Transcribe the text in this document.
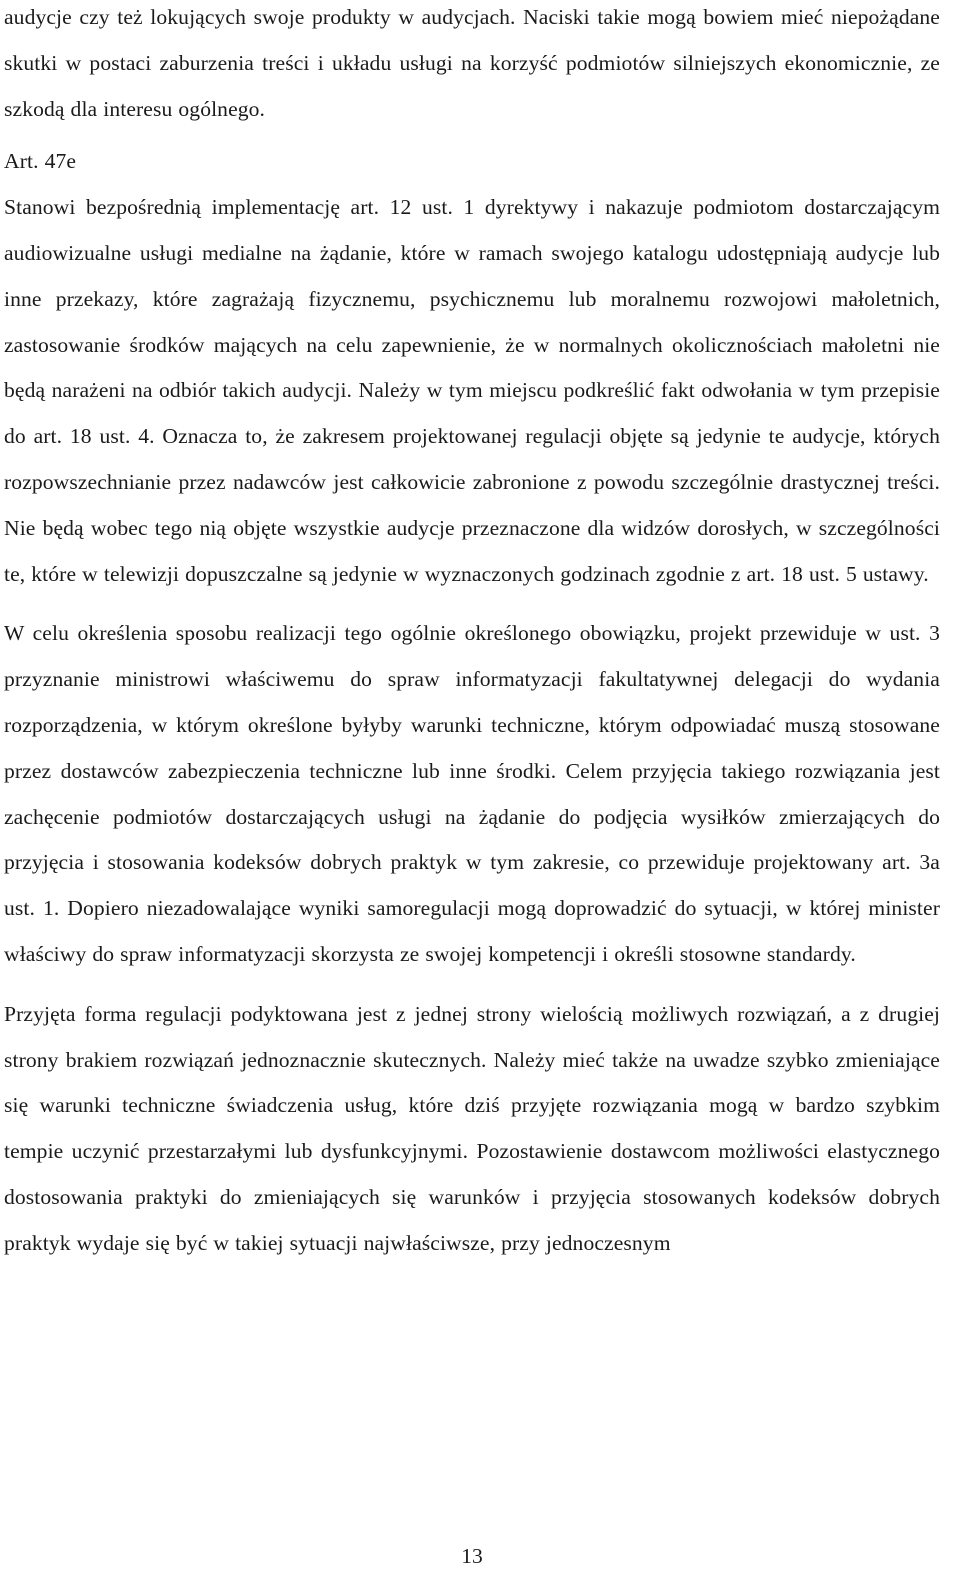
audycje czy też lokujących swoje produkty w audycjach. Naciski takie mogą bowiem mieć niepożądane skutki w postaci zaburzenia treści i układu usługi na korzyść podmiotów silniejszych ekonomicznie, ze szkodą dla interesu ogólnego.

Art. 47e

Stanowi bezpośrednią implementację art. 12 ust. 1 dyrektywy i nakazuje podmiotom dostarczającym audiowizualne usługi medialne na żądanie, które w ramach swojego katalogu udostępniają audycje lub inne przekazy, które zagrażają fizycznemu, psychicznemu lub moralnemu rozwojowi małoletnich, zastosowanie środków mających na celu zapewnienie, że w normalnych okolicznościach małoletni nie będą narażeni na odbiór takich audycji. Należy w tym miejscu podkreślić fakt odwołania w tym przepisie do art. 18 ust. 4. Oznacza to, że zakresem projektowanej regulacji objęte są jedynie te audycje, których rozpowszechnianie przez nadawców jest całkowicie zabronione z powodu szczególnie drastycznej treści. Nie będą wobec tego nią objęte wszystkie audycje przeznaczone dla widzów dorosłych, w szczególności te, które w telewizji dopuszczalne są jedynie w wyznaczonych godzinach zgodnie z art. 18 ust. 5 ustawy.

W celu określenia sposobu realizacji tego ogólnie określonego obowiązku, projekt przewiduje w ust. 3 przyznanie ministrowi właściwemu do spraw informatyzacji fakultatywnej delegacji do wydania rozporządzenia, w którym określone byłyby warunki techniczne, którym odpowiadać muszą stosowane przez dostawców zabezpieczenia techniczne lub inne środki. Celem przyjęcia takiego rozwiązania jest zachęcenie podmiotów dostarczających usługi na żądanie do podjęcia wysiłków zmierzających do przyjęcia i stosowania kodeksów dobrych praktyk w tym zakresie, co przewiduje projektowany art. 3a ust. 1. Dopiero niezadowalające wyniki samoregulacji mogą doprowadzić do sytuacji, w której minister właściwy do spraw informatyzacji skorzysta ze swojej kompetencji i określi stosowne standardy.

Przyjęta forma regulacji podyktowana jest z jednej strony wielością możliwych rozwiązań, a z drugiej strony brakiem rozwiązań jednoznacznie skutecznych. Należy mieć także na uwadze szybko zmieniające się warunki techniczne świadczenia usług, które dziś przyjęte rozwiązania mogą w bardzo szybkim tempie uczynić przestarzałymi lub dysfunkcyjnymi. Pozostawienie dostawcom możliwości elastycznego dostosowania praktyki do zmieniających się warunków i przyjęcia stosowanych kodeksów dobrych praktyk wydaje się być w takiej sytuacji najwłaściwsze, przy jednoczesnym

13
